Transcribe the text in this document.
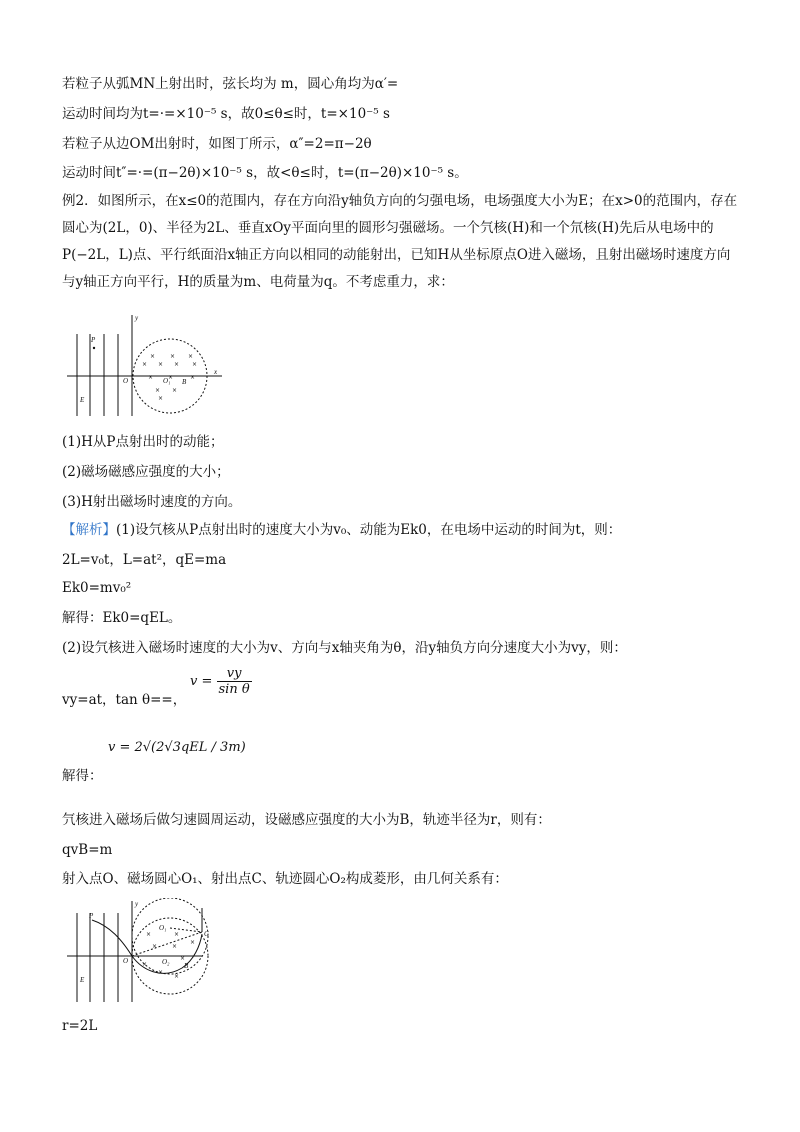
若粒子从弧MN上射出时，弦长均为 m，圆心角均为α′=
运动时间均为t=·=×10⁻⁵ s，故0≤θ≤时，t=×10⁻⁵ s
若粒子从边OM出射时，如图丁所示，α″=2=π−2θ
运动时间t″=·=(π−2θ)×10⁻⁵ s，故<θ≤时，t=(π−2θ)×10⁻⁵ s。
例2．如图所示，在x≤0的范围内，存在方向沿y轴负方向的匀强电场，电场强度大小为E；在x>0的范围内，存在圆心为(2L，0)、半径为2L、垂直xOy平面向里的圆形匀强磁场。一个氕核(H)和一个氘核(H)先后从电场中的P(−2L，L)点、平行纸面沿x轴正方向以相同的动能射出，已知H从坐标原点O进入磁场，且射出磁场时速度方向与y轴正方向平行，H的质量为m、电荷量为q。不考虑重力，求：
y
x
P
O	O₁ B
E
× × ×
× × × ×
× ×	×
× ×
×
(1)H从P点射出时的动能；
(2)磁场磁感应强度的大小；
(3)H射出磁场时速度的方向。
【解析】(1)设氕核从P点射出时的速度大小为v₀、动能为Ek0，在电场中运动的时间为t，则：
2L=v₀t，L=at²，qE=ma
Ek0=mv₀²
解得：Ek0=qEL。
(2)设氕核进入磁场时速度的大小为v、方向与x轴夹角为θ，沿y轴负方向分速度大小为vy，则：
vy=at，tan θ==，
$v = \frac{vy}{\text{sin θ}}$
解得：
v = 2√(2√3qEL / 3m)
氕核进入磁场后做匀速圆周运动，设磁感应强度的大小为B，轨迹半径为r，则有：
qvB=m
射入点O、磁场圆心O₁、射出点C、轨迹圆心O₂构成菱形，由几何关系有：
y
P
O
O₁
O₂
C
B
E
×	×
×
× ×
×
×
×
×
r=2L
